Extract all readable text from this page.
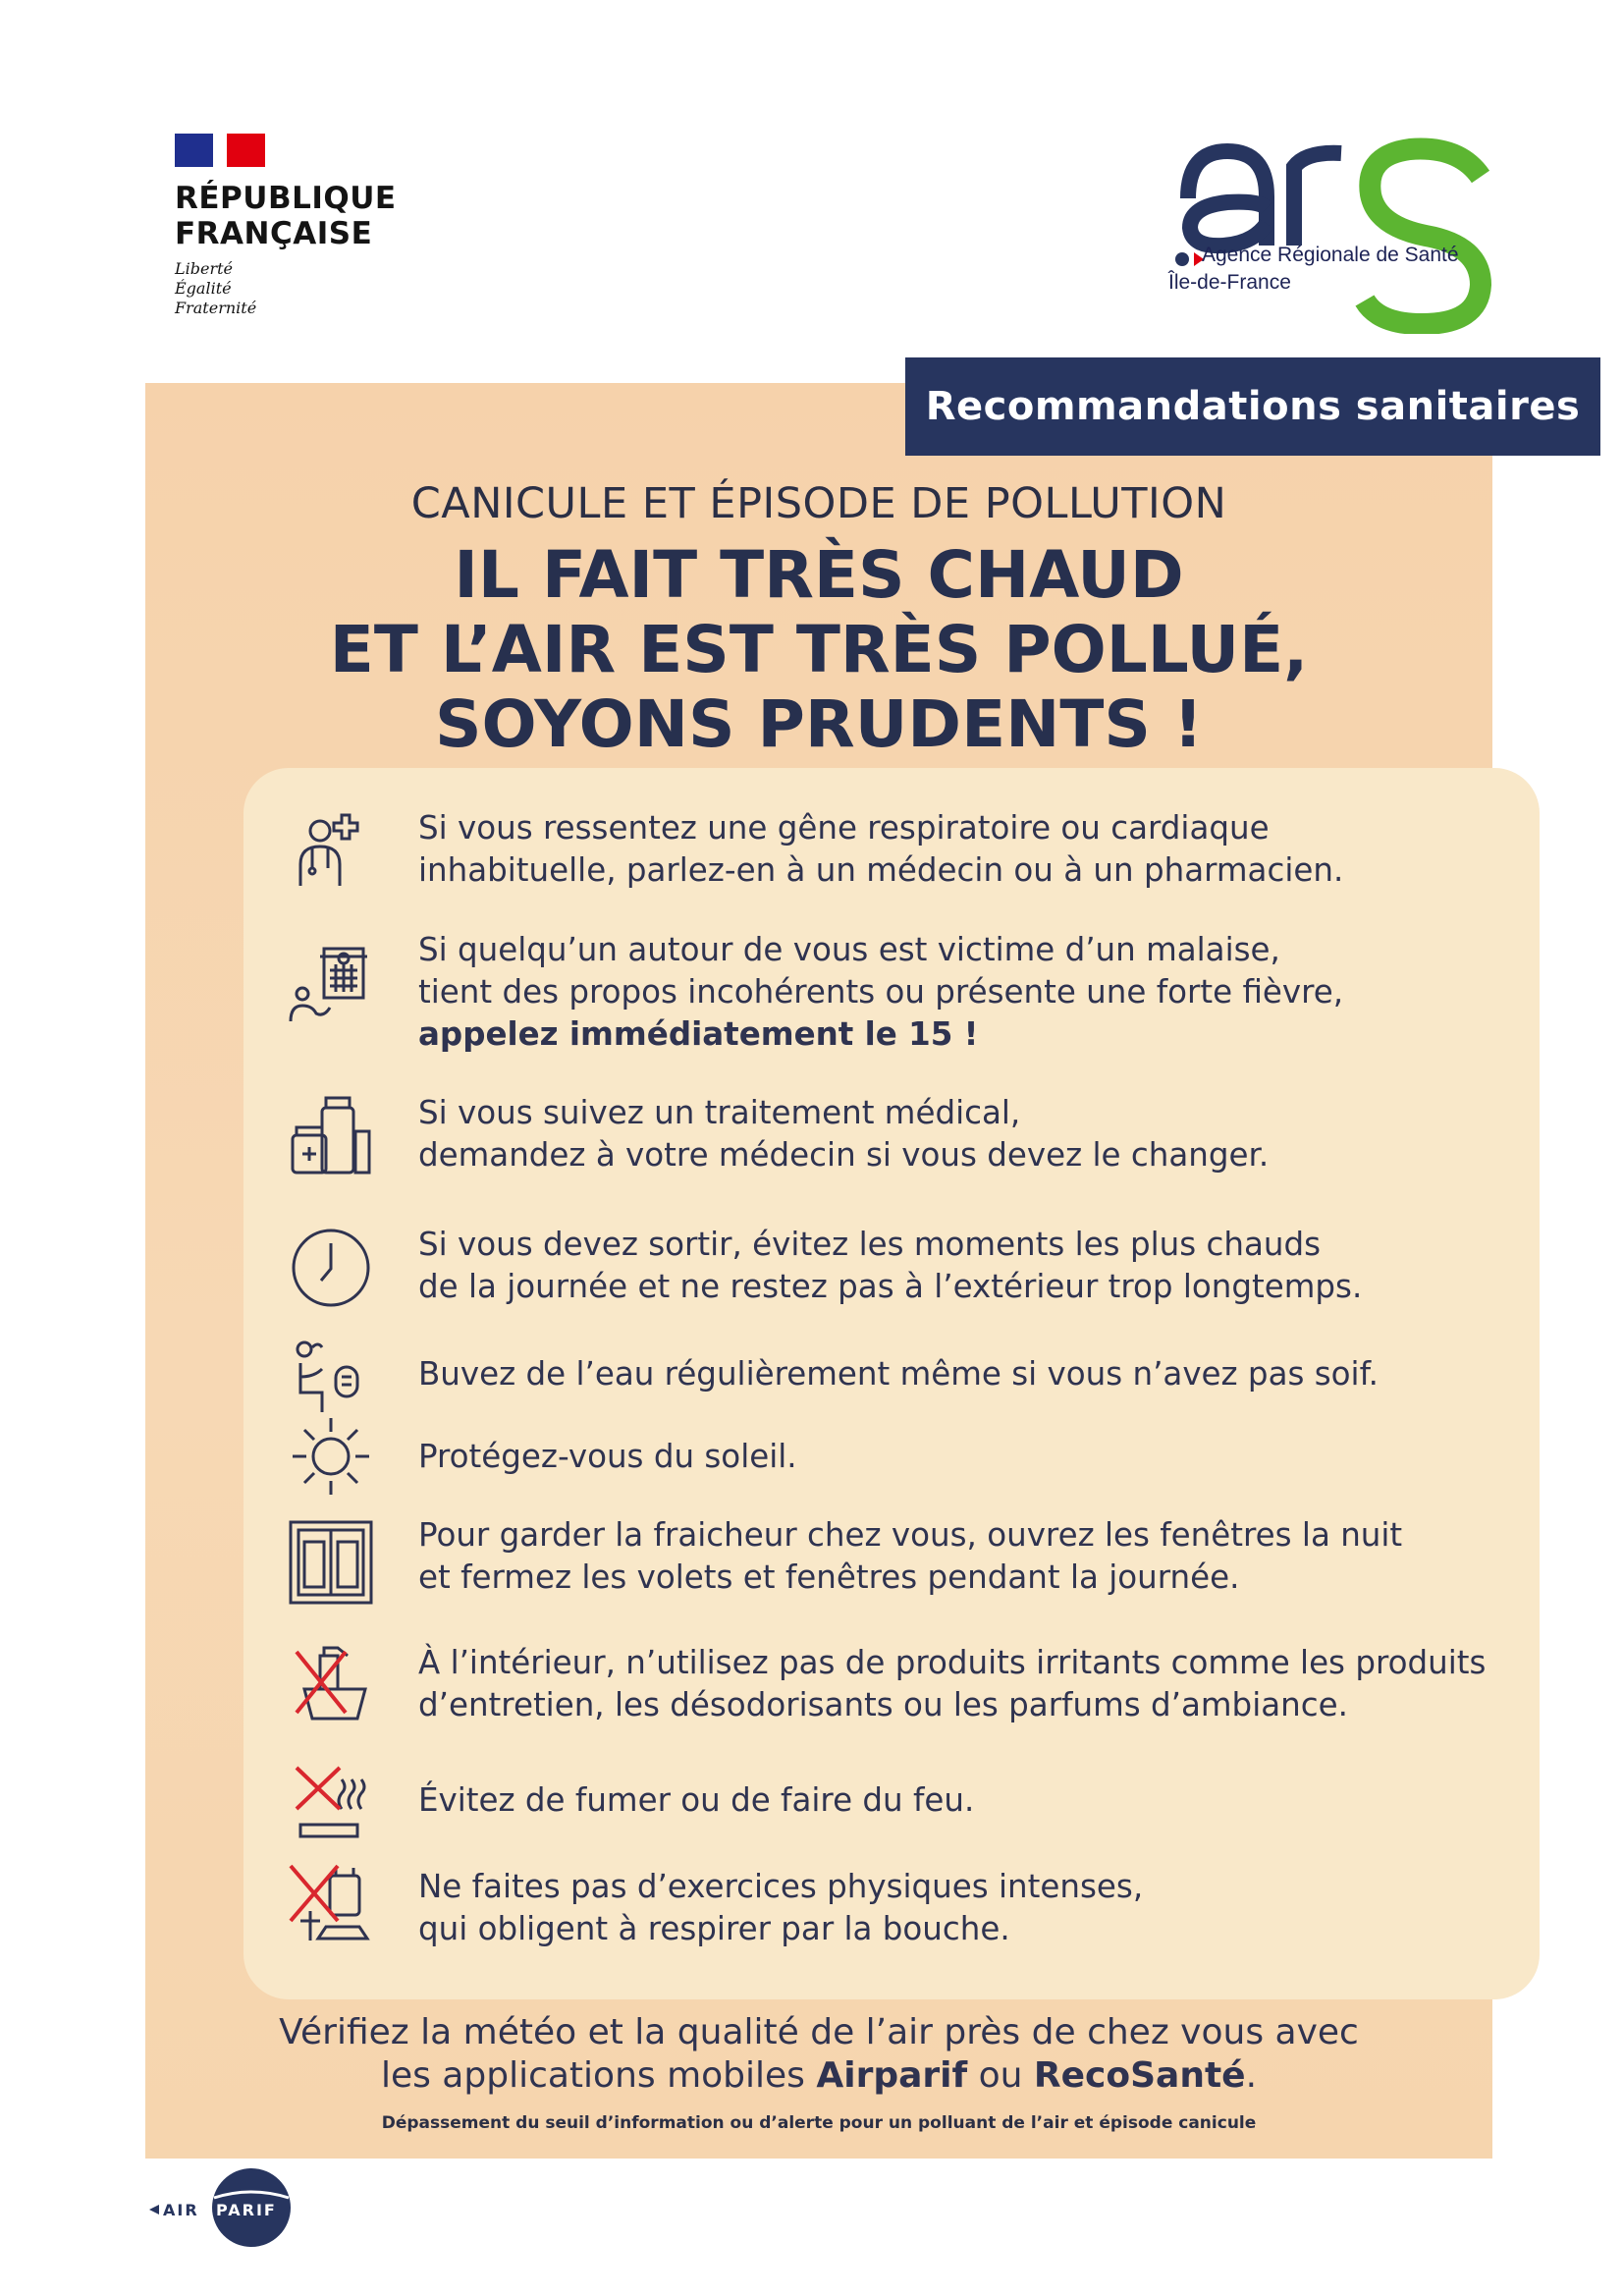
RÉPUBLIQUE
FRANÇAISE
Liberté
Égalité
Fraternité
Agence Régionale de Santé
Île-de-France
Recommandations sanitaires
CANICULE ET ÉPISODE DE POLLUTION
IL FAIT TRÈS CHAUD
ET L’AIR EST TRÈS POLLUÉ,
SOYONS PRUDENTS !
Si vous ressentez une gêne respiratoire ou cardiaque
inhabituelle, parlez-en à un médecin ou à un pharmacien.
Si quelqu’un autour de vous est victime d’un malaise,
tient des propos incohérents ou présente une forte fièvre,
appelez immédiatement le 15 !
Si vous suivez un traitement médical,
demandez à votre médecin si vous devez le changer.
Si vous devez sortir, évitez les moments les plus chauds
de la journée et ne restez pas à l’extérieur trop longtemps.
Buvez de l’eau régulièrement même si vous n’avez pas soif.
Protégez-vous du soleil.
Pour garder la fraicheur chez vous, ouvrez les fenêtres la nuit
et fermez les volets et fenêtres pendant la journée.
À l’intérieur, n’utilisez pas de produits irritants comme les produits
d’entretien, les désodorisants ou les parfums d’ambiance.
Évitez de fumer ou de faire du feu.
Ne faites pas d’exercices physiques intenses,
qui obligent à respirer par la bouche.
Vérifiez la météo et la qualité de l’air près de chez vous avec
les applications mobiles Airparif ou RecoSanté.
Dépassement du seuil d’information ou d’alerte pour un polluant de l’air et épisode canicule
AIR PARIF
